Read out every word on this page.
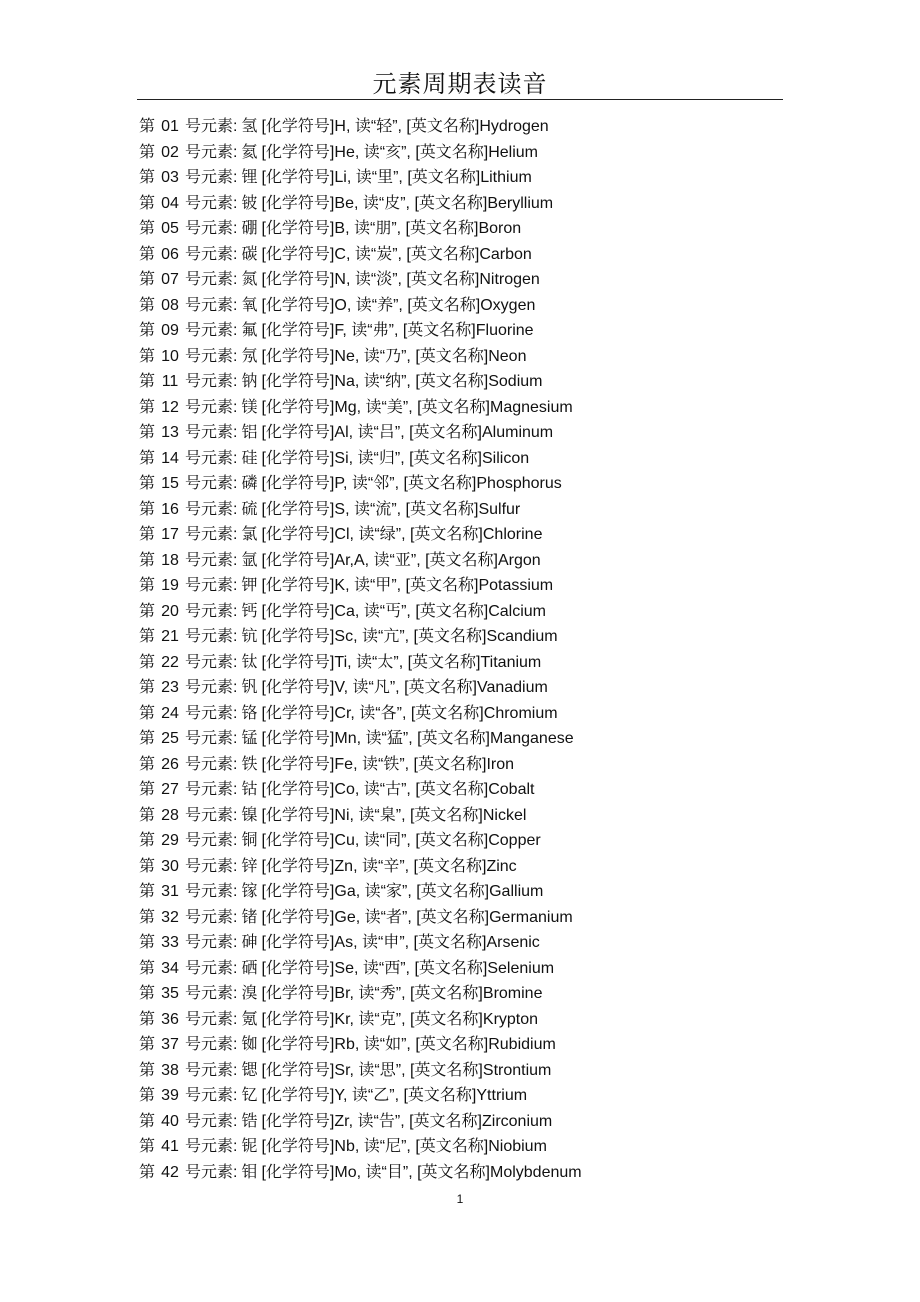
元素周期表读音
第 01 号元素: 氢 [化学符号]H, 读“轻”, [英文名称]Hydrogen
第 02 号元素: 氦 [化学符号]He, 读“亥”, [英文名称]Helium
第 03 号元素: 锂 [化学符号]Li, 读“里”, [英文名称]Lithium
第 04 号元素: 铍 [化学符号]Be, 读“皮”, [英文名称]Beryllium
第 05 号元素: 硼 [化学符号]B, 读“朋”, [英文名称]Boron
第 06 号元素: 碳 [化学符号]C, 读“炭”, [英文名称]Carbon
第 07 号元素: 氮 [化学符号]N, 读“淡”, [英文名称]Nitrogen
第 08 号元素: 氧 [化学符号]O, 读“养”, [英文名称]Oxygen
第 09 号元素: 氟 [化学符号]F, 读“弗”, [英文名称]Fluorine
第 10 号元素: 氖 [化学符号]Ne, 读“乃”, [英文名称]Neon
第 11 号元素: 钠 [化学符号]Na, 读“纳”, [英文名称]Sodium
第 12 号元素: 镁 [化学符号]Mg, 读“美”, [英文名称]Magnesium
第 13 号元素: 铝 [化学符号]Al, 读“吕”, [英文名称]Aluminum
第 14 号元素: 硅 [化学符号]Si, 读“归”, [英文名称]Silicon
第 15 号元素: 磷 [化学符号]P, 读“邻”, [英文名称]Phosphorus
第 16 号元素: 硫 [化学符号]S, 读“流”, [英文名称]Sulfur
第 17 号元素: 氯 [化学符号]Cl, 读“绿”, [英文名称]Chlorine
第 18 号元素: 氩 [化学符号]Ar,A, 读“亚”, [英文名称]Argon
第 19 号元素: 钾 [化学符号]K, 读“甲”, [英文名称]Potassium
第 20 号元素: 钙 [化学符号]Ca, 读“丐”, [英文名称]Calcium
第 21 号元素: 钪 [化学符号]Sc, 读“亢”, [英文名称]Scandium
第 22 号元素: 钛 [化学符号]Ti, 读“太”, [英文名称]Titanium
第 23 号元素: 钒 [化学符号]V, 读“凡”, [英文名称]Vanadium
第 24 号元素: 铬 [化学符号]Cr, 读“各”, [英文名称]Chromium
第 25 号元素: 锰 [化学符号]Mn, 读“猛”, [英文名称]Manganese
第 26 号元素: 铁 [化学符号]Fe, 读“铁”, [英文名称]Iron
第 27 号元素: 钴 [化学符号]Co, 读“古”, [英文名称]Cobalt
第 28 号元素: 镍 [化学符号]Ni, 读“臬”, [英文名称]Nickel
第 29 号元素: 铜 [化学符号]Cu, 读“同”, [英文名称]Copper
第 30 号元素: 锌 [化学符号]Zn, 读“辛”, [英文名称]Zinc
第 31 号元素: 镓 [化学符号]Ga, 读“家”, [英文名称]Gallium
第 32 号元素: 锗 [化学符号]Ge, 读“者”, [英文名称]Germanium
第 33 号元素: 砷 [化学符号]As, 读“申”, [英文名称]Arsenic
第 34 号元素: 硒 [化学符号]Se, 读“西”, [英文名称]Selenium
第 35 号元素: 溴 [化学符号]Br, 读“秀”, [英文名称]Bromine
第 36 号元素: 氪 [化学符号]Kr, 读“克”, [英文名称]Krypton
第 37 号元素: 铷 [化学符号]Rb, 读“如”, [英文名称]Rubidium
第 38 号元素: 锶 [化学符号]Sr, 读“思”, [英文名称]Strontium
第 39 号元素: 钇 [化学符号]Y, 读“乙”, [英文名称]Yttrium
第 40 号元素: 锆 [化学符号]Zr, 读“告”, [英文名称]Zirconium
第 41 号元素: 铌 [化学符号]Nb, 读“尼”, [英文名称]Niobium
第 42 号元素: 钼 [化学符号]Mo, 读“目”, [英文名称]Molybdenum
1
